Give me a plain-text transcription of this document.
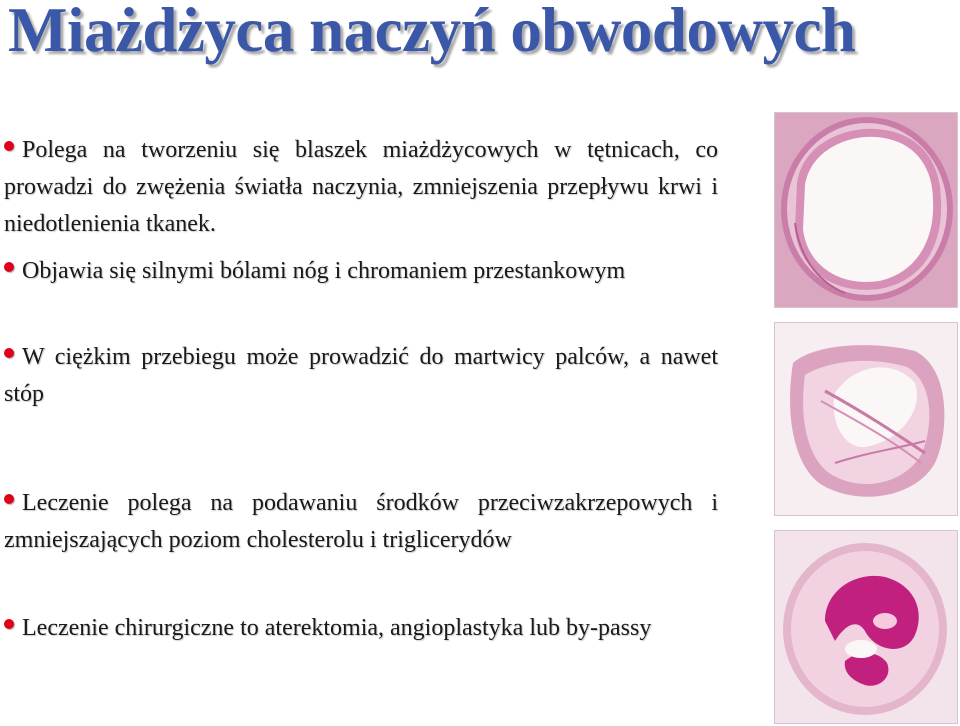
Miażdżyca naczyń obwodowych
Polega na tworzeniu się blaszek miażdżycowych w tętnicach, co prowadzi do zwężenia światła naczynia, zmniejszenia przepływu krwi i niedotlenienia tkanek.
Objawia się silnymi bólami nóg i chromaniem przestankowym
W ciężkim przebiegu może prowadzić do martwicy palców, a nawet stóp
Leczenie polega na podawaniu środków przeciwzakrzepowych i zmniejszających poziom cholesterolu i triglicerydów
Leczenie chirurgiczne to aterektomia, angioplastyka lub by-passy
